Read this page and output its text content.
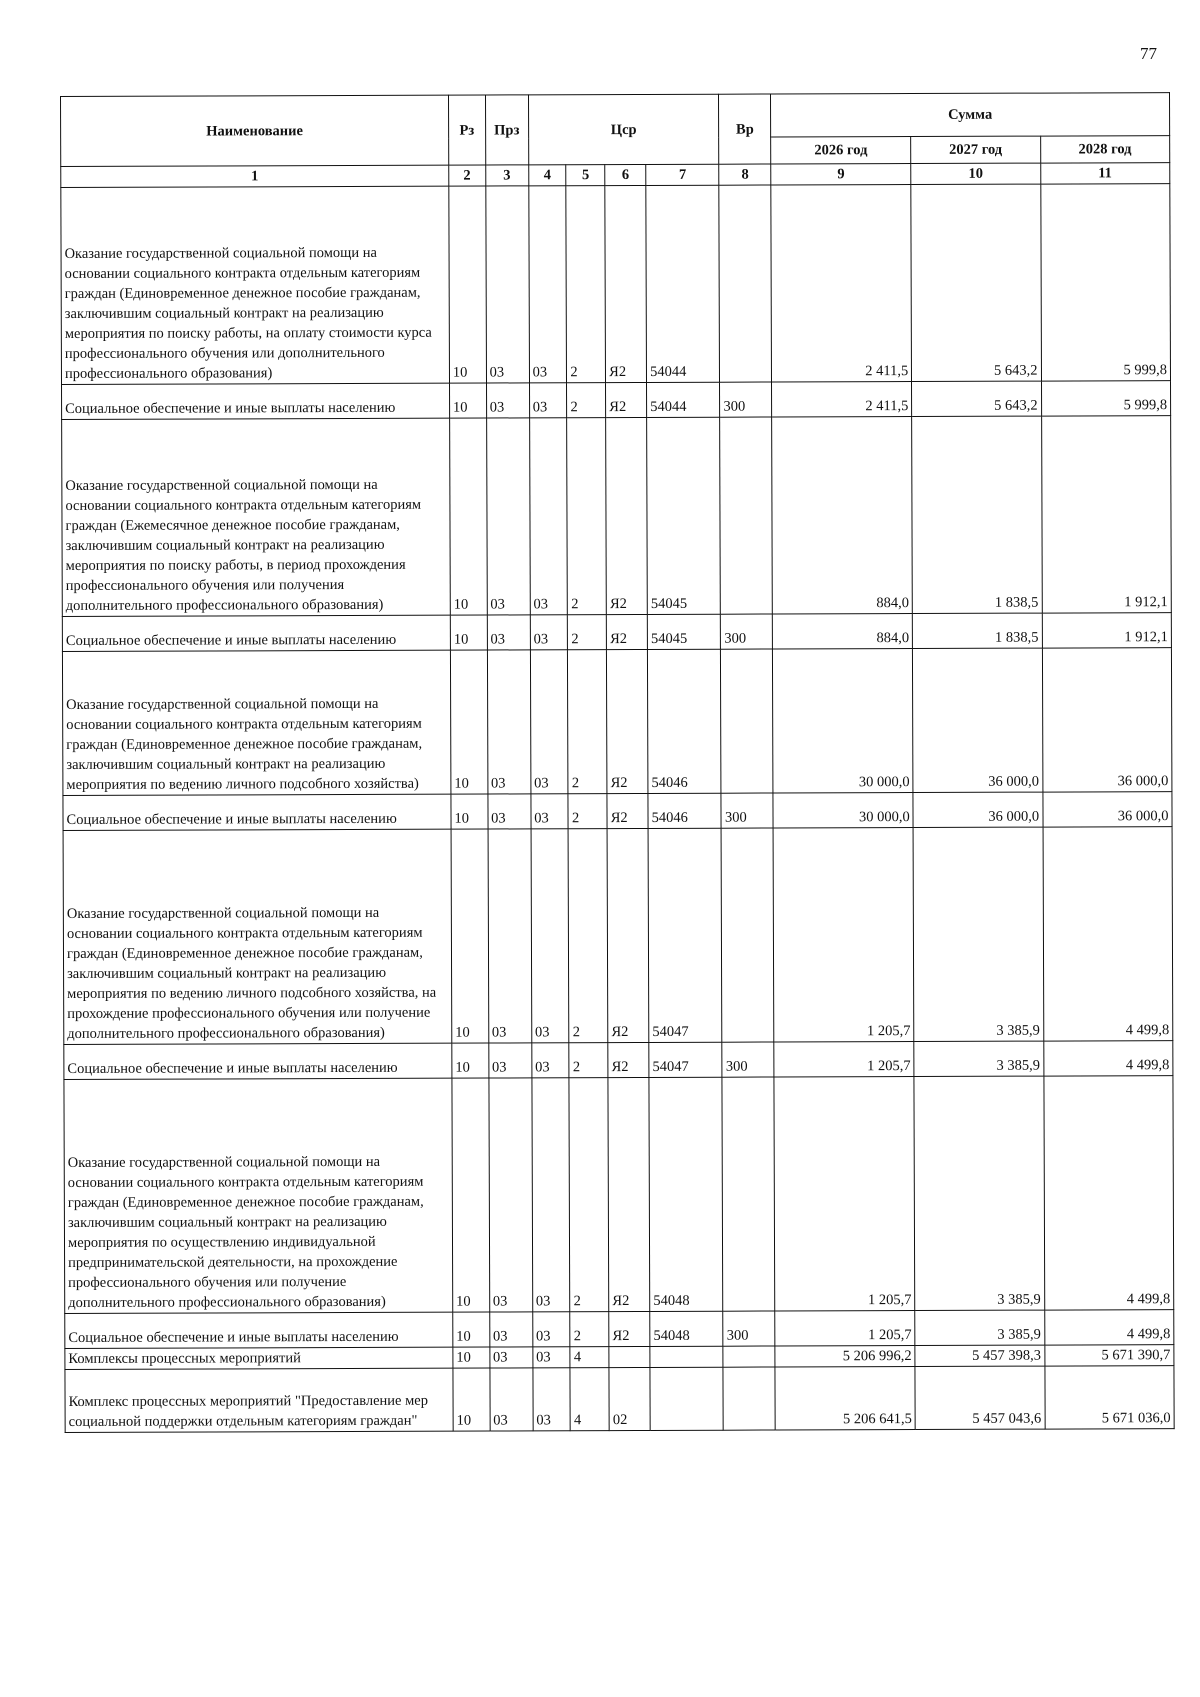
77
Наименование	Рз	Прз	Цср				Вр	Сумма		
								2026 год	2027 год	2028 год
1	2	3	4	5	6	7	8	9	10	11
Оказание государственной социальной помощи на основании социального контракта отдельным категориям граждан (Единовременное денежное пособие гражданам, заключившим социальный контракт на реализацию мероприятия по поиску работы, на оплату стоимости курса профессионального обучения или дополнительного профессионального образования)	10	03	03	2	Я2	54044		2 411,5	5 643,2	5 999,8
Социальное обеспечение и иные выплаты населению	10	03	03	2	Я2	54044	300	2 411,5	5 643,2	5 999,8
Оказание государственной социальной помощи на основании социального контракта отдельным категориям граждан (Ежемесячное денежное пособие гражданам, заключившим социальный контракт на реализацию мероприятия по поиску работы, в период прохождения профессионального обучения или получения дополнительного профессионального образования)	10	03	03	2	Я2	54045		884,0	1 838,5	1 912,1
Социальное обеспечение и иные выплаты населению	10	03	03	2	Я2	54045	300	884,0	1 838,5	1 912,1
Оказание государственной социальной помощи на основании социального контракта отдельным категориям граждан (Единовременное денежное пособие гражданам, заключившим социальный контракт на реализацию мероприятия по ведению личного подсобного хозяйства)	10	03	03	2	Я2	54046		30 000,0	36 000,0	36 000,0
Социальное обеспечение и иные выплаты населению	10	03	03	2	Я2	54046	300	30 000,0	36 000,0	36 000,0
Оказание государственной социальной помощи на основании социального контракта отдельным категориям граждан (Единовременное денежное пособие гражданам, заключившим социальный контракт на реализацию мероприятия по ведению личного подсобного хозяйства, на прохождение профессионального обучения или получение дополнительного профессионального образования)	10	03	03	2	Я2	54047		1 205,7	3 385,9	4 499,8
Социальное обеспечение и иные выплаты населению	10	03	03	2	Я2	54047	300	1 205,7	3 385,9	4 499,8
Оказание государственной социальной помощи на основании социального контракта отдельным категориям граждан (Единовременное денежное пособие гражданам, заключившим социальный контракт на реализацию мероприятия по осуществлению индивидуальной предпринимательской деятельности, на прохождение профессионального обучения или получение дополнительного профессионального образования)	10	03	03	2	Я2	54048		1 205,7	3 385,9	4 499,8
Социальное обеспечение и иные выплаты населению	10	03	03	2	Я2	54048	300	1 205,7	3 385,9	4 499,8
Комплексы процессных мероприятий	10	03	03	4				5 206 996,2	5 457 398,3	5 671 390,7
Комплекс процессных мероприятий "Предоставление мер социальной поддержки отдельным категориям граждан"	10	03	03	4	02			5 206 641,5	5 457 043,6	5 671 036,0
